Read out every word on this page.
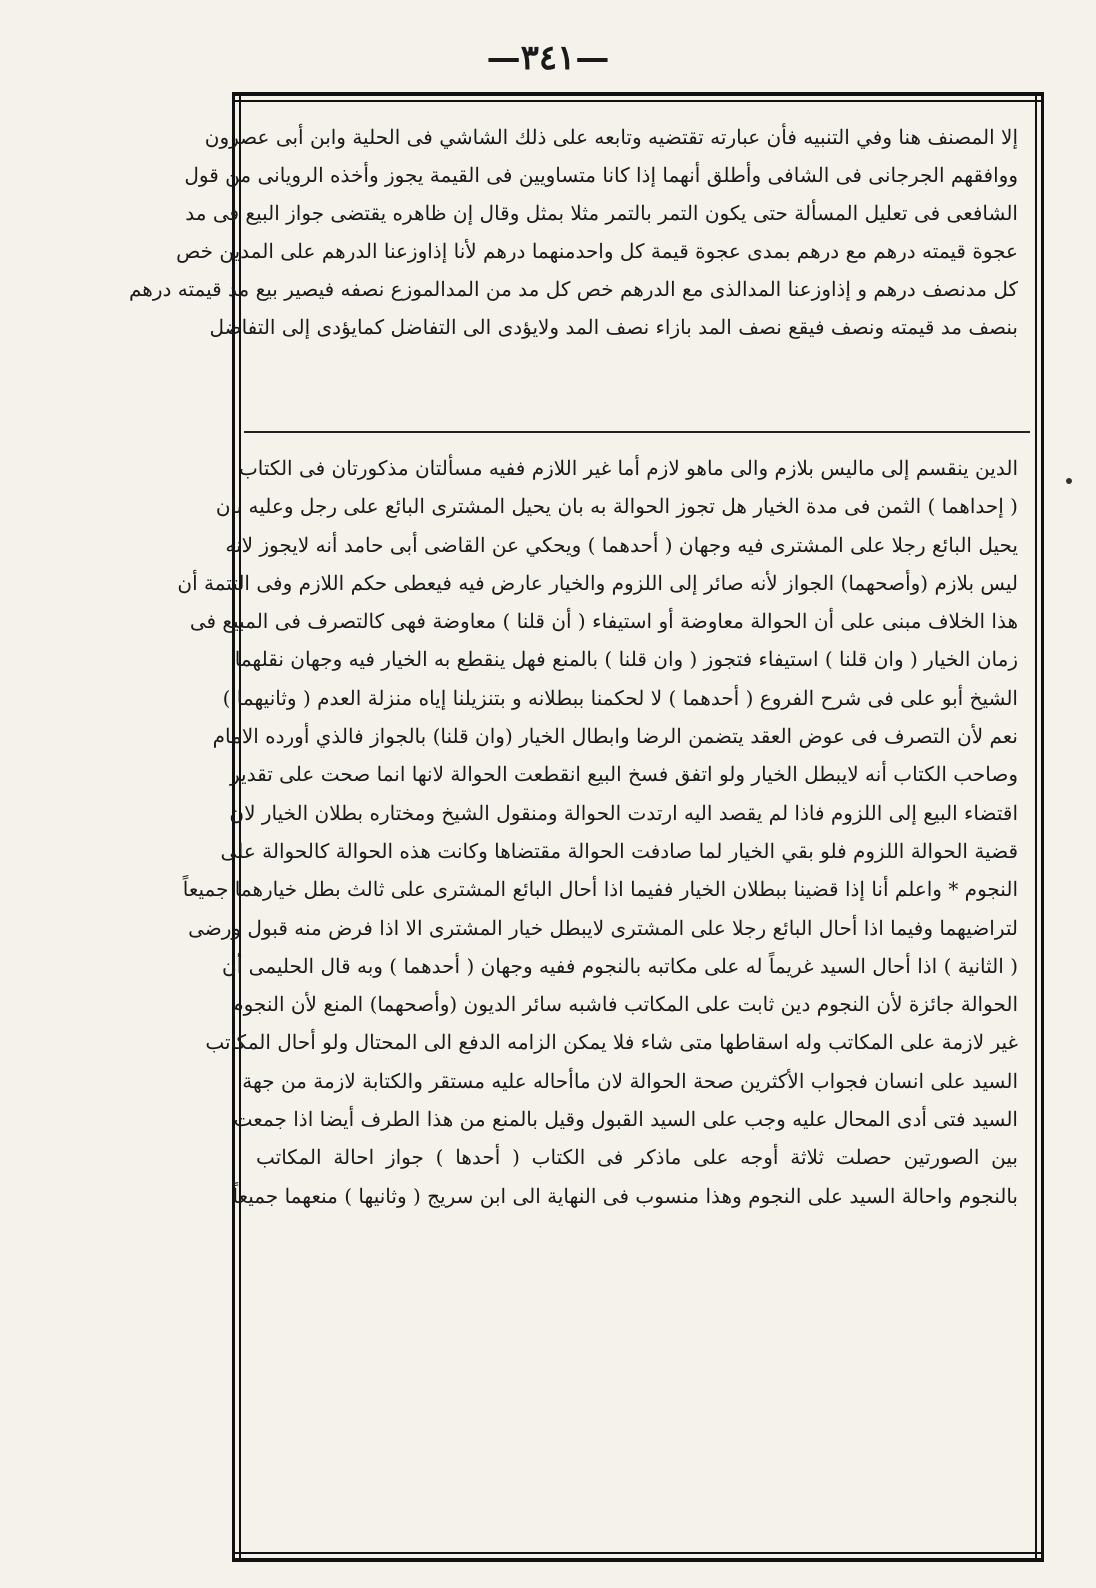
—٣٤١—

إلا المصنف هنا وفي التنبيه فأن عبارته تقتضيه وتابعه على ذلك الشاشي فى الحلية وابن أبى عصرون

ووافقهم الجرجانى فى الشافى وأطلق أنهما إذا كانا متساويين فى القيمة يجوز وأخذه الرويانى من قول

الشافعى فى تعليل المسألة حتى يكون التمر بالتمر مثلا بمثل وقال إن ظاهره يقتضى جواز البيع فى مد

عجوة قيمته درهم مع درهم بمدى عجوة قيمة كل واحدمنهما درهم لأنا إذاوزعنا الدرهم على المدين خص

كل مدنصف درهم و إذاوزعنا المدالذى مع الدرهم خص كل مد من المدالموزع نصفه فيصير بيع مد قيمته درهم

بنصف مد قيمته ونصف فيقع نصف المد بازاء نصف المد ولايؤدى الى التفاضل كمايؤدى إلى التفاضل

الدين ينقسم إلى ماليس بلازم والى ماهو لازم أما غير اللازم ففيه مسألتان مذكورتان فى الكتاب

( إحداهما ) الثمن فى مدة الخيار هل تجوز الحوالة به بان يحيل المشترى البائع على رجل وعليه بان

يحيل البائع رجلا على المشترى فيه وجهان ( أحدهما ) ويحكي عن القاضى أبى حامد أنه لايجوز لانه

ليس بلازم (وأصحهما) الجواز لأنه صائر إلى اللزوم والخيار عارض فيه فيعطى حكم اللازم وفى التتمة أن

هذا الخلاف مبنى على أن الحوالة معاوضة أو استيفاء ( أن قلنا ) معاوضة فهى كالتصرف فى المبيع فى

زمان الخيار ( وان قلنا ) استيفاء فتجوز ( وان قلنا ) بالمنع فهل ينقطع به الخيار فيه وجهان نقلهما

الشيخ أبو على فى شرح الفروع ( أحدهما ) لا لحكمنا ببطلانه و بتنزيلنا إياه منزلة العدم ( وثانيهما )

نعم لأن التصرف فى عوض العقد يتضمن الرضا وابطال الخيار (وان قلنا) بالجواز فالذي أورده الامام

وصاحب الكتاب أنه لايبطل الخيار ولو اتفق فسخ البيع انقطعت الحوالة لانها انما صحت على تقدير

اقتضاء البيع إلى اللزوم فاذا لم يقصد اليه ارتدت الحوالة ومنقول الشيخ ومختاره بطلان الخيار لان

قضية الحوالة اللزوم فلو بقي الخيار لما صادفت الحوالة مقتضاها وكانت هذه الحوالة كالحوالة على

النجوم * واعلم أنا إذا قضينا ببطلان الخيار ففيما اذا أحال البائع المشترى على ثالث بطل خيارهما جميعاً

لتراضيهما وفيما اذا أحال البائع رجلا على المشترى لايبطل خيار المشترى الا اذا فرض منه قبول ورضى

( الثانية ) اذا أحال السيد غريماً له على مكاتبه بالنجوم ففيه وجهان ( أحدهما ) وبه قال الحليمى أن

الحوالة جائزة لأن النجوم دين ثابت على المكاتب فاشبه سائر الديون (وأصحهما) المنع لأن النجوم

غير لازمة على المكاتب وله اسقاطها متى شاء فلا يمكن الزامه الدفع الى المحتال ولو أحال المكاتب

السيد على انسان فجواب الأكثرين صحة الحوالة لان ماأحاله عليه مستقر والكتابة لازمة من جهة

السيد فتى أدى المحال عليه وجب على السيد القبول وقيل بالمنع من هذا الطرف أيضا اذا جمعت

بين الصورتين حصلت ثلاثة أوجه على ماذكر فى الكتاب ( أحدها ) جواز احالة المكاتب

بالنجوم واحالة السيد على النجوم وهذا منسوب فى النهاية الى ابن سريج ( وثانيها ) منعهما جميعاً
